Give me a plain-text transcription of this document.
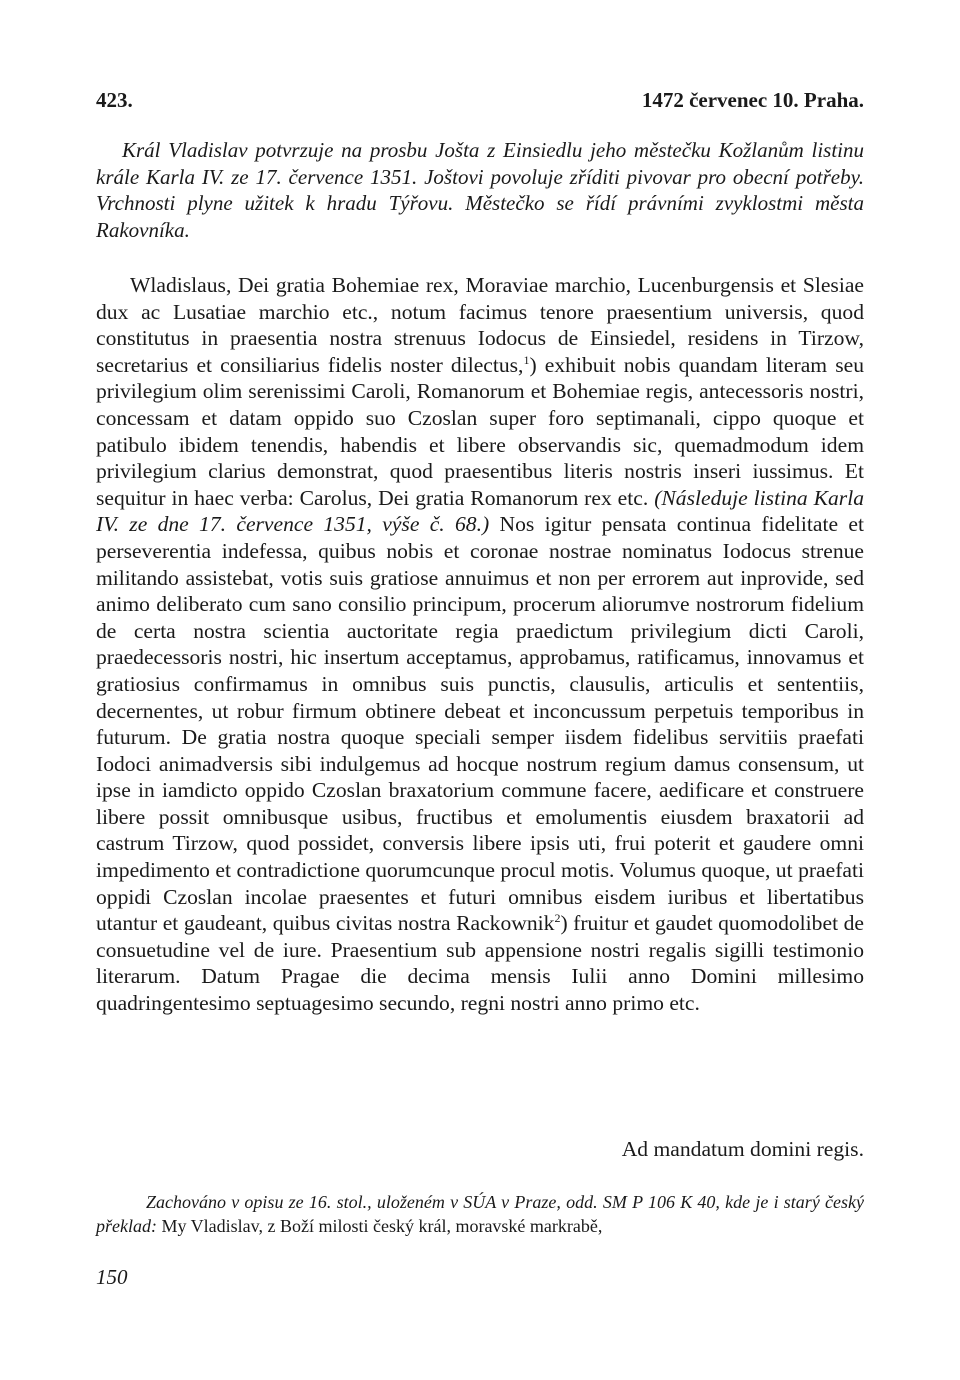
423.	1472 červenec 10. Praha.
Král Vladislav potvrzuje na prosbu Jošta z Einsiedlu jeho městečku Kožlanům listinu krále Karla IV. ze 17. července 1351. Joštovi povoluje zříditi pivovar pro obecní potřeby. Vrchnosti plyne užitek k hradu Týřovu. Městečko se řídí právními zvyklostmi města Rakovníka.
Wladislaus, Dei gratia Bohemiae rex, Moraviae marchio, Lucenburgensis et Slesiae dux ac Lusatiae marchio etc., notum facimus tenore praesentium universis, quod constitutus in praesentia nostra strenuus Iodocus de Einsiedel, residens in Tirzow, secretarius et consiliarius fidelis noster dilectus,$^1$) exhibuit nobis quandam literam seu privilegium olim serenissimi Caroli, Romanorum et Bohemiae regis, antecessoris nostri, concessam et datam oppido suo Czoslan super foro septimanali, cippo quoque et patibulo ibidem tenendis, habendis et libere observandis sic, quemadmodum idem privilegium clarius demonstrat, quod praesentibus literis nostris inseri iussimus. Et sequitur in haec verba: Carolus, Dei gratia Romanorum rex etc. (Následuje listina Karla IV. ze dne 17. července 1351, výše č. 68.) Nos igitur pensata continua fidelitate et perseverentia indefessa, quibus nobis et coronae nostrae nominatus Iodocus strenue militando assistebat, votis suis gratiose annuimus et non per errorem aut inprovide, sed animo deliberato cum sano consilio principum, procerum aliorumve nostrorum fidelium de certa nostra scientia auctoritate regia praedictum privilegium dicti Caroli, praedecessoris nostri, hic insertum acceptamus, approbamus, ratificamus, innovamus et gratiosius confirmamus in omnibus suis punctis, clausulis, articulis et sententiis, decernentes, ut robur firmum obtinere debeat et inconcussum perpetuis temporibus in futurum. De gratia nostra quoque speciali semper iisdem fidelibus servitiis praefati Iodoci animadversis sibi indulgemus ad hocque nostrum regium damus consensum, ut ipse in iamdicto oppido Czoslan braxatorium commune facere, aedificare et construere libere possit omnibusque usibus, fructibus et emolumentis eiusdem braxatorii ad castrum Tirzow, quod possidet, conversis libere ipsis uti, frui poterit et gaudere omni impedimento et contradictione quorumcunque procul motis. Volumus quoque, ut praefati oppidi Czoslan incolae praesentes et futuri omnibus eisdem iuribus et libertatibus utantur et gaudeant, quibus civitas nostra Rackownik$^2$) fruitur et gaudet quomodolibet de consuetudine vel de iure. Praesentium sub appensione nostri regalis sigilli testimonio literarum. Datum Pragae die decima mensis Iulii anno Domini millesimo quadringentesimo septuagesimo secundo, regni nostri anno primo etc.
Ad mandatum domini regis.
Zachováno v opisu ze 16. stol., uloženém v SÚA v Praze, odd. SM P 106 K 40, kde je i starý český překlad: My Vladislav, z Boží milosti český král, moravské markrabě,
150
